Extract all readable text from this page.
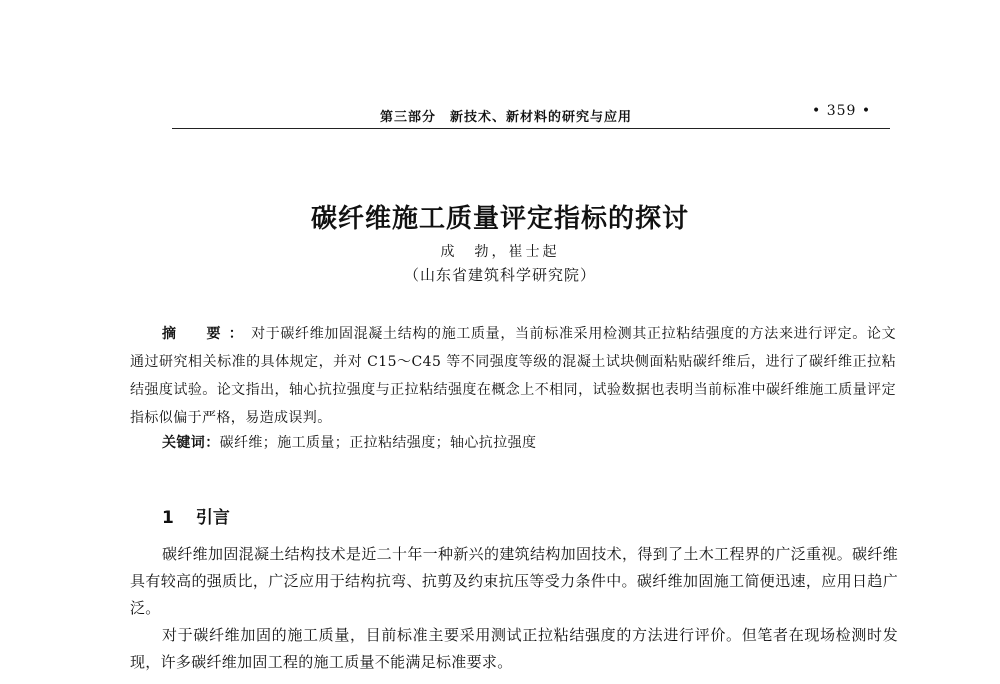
第三部分　新技术、新材料的研究与应用	• 359 •
碳纤维施工质量评定指标的探讨
成　勃，崔士起
（山东省建筑科学研究院）
摘　要：对于碳纤维加固混凝土结构的施工质量，当前标准采用检测其正拉粘结强度的方法来进行评定。论文通过研究相关标准的具体规定，并对 C15～C45 等不同强度等级的混凝土试块侧面粘贴碳纤维后，进行了碳纤维正拉粘结强度试验。论文指出，轴心抗拉强度与正拉粘结强度在概念上不相同，试验数据也表明当前标准中碳纤维施工质量评定指标似偏于严格，易造成误判。
关键词：碳纤维；施工质量；正拉粘结强度；轴心抗拉强度
1 引言
碳纤维加固混凝土结构技术是近二十年一种新兴的建筑结构加固技术，得到了土木工程界的广泛重视。碳纤维具有较高的强质比，广泛应用于结构抗弯、抗剪及约束抗压等受力条件中。碳纤维加固施工简便迅速，应用日趋广泛。
对于碳纤维加固的施工质量，目前标准主要采用测试正拉粘结强度的方法进行评价。但笔者在现场检测时发现，许多碳纤维加固工程的施工质量不能满足标准要求。
